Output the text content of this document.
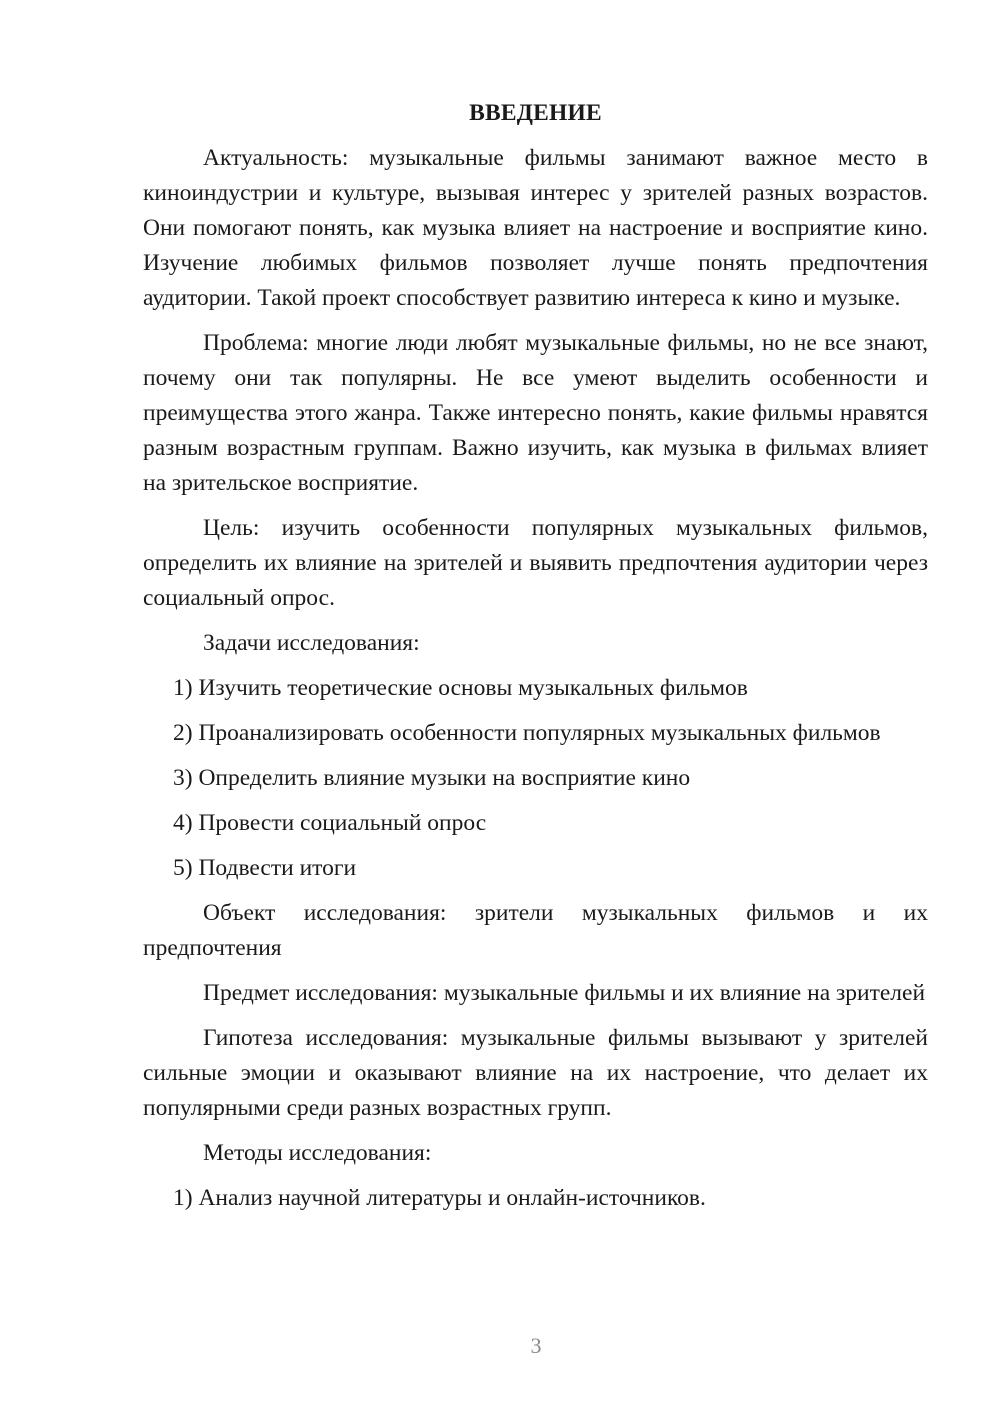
ВВЕДЕНИЕ
Актуальность: музыкальные фильмы занимают важное место в киноиндустрии и культуре, вызывая интерес у зрителей разных возрастов. Они помогают понять, как музыка влияет на настроение и восприятие кино. Изучение любимых фильмов позволяет лучше понять предпочтения аудитории. Такой проект способствует развитию интереса к кино и музыке.
Проблема: многие люди любят музыкальные фильмы, но не все знают, почему они так популярны. Не все умеют выделить особенности и преимущества этого жанра. Также интересно понять, какие фильмы нравятся разным возрастным группам. Важно изучить, как музыка в фильмах влияет на зрительское восприятие.
Цель: изучить особенности популярных музыкальных фильмов, определить их влияние на зрителей и выявить предпочтения аудитории через социальный опрос.
Задачи исследования:
1) Изучить теоретические основы музыкальных фильмов
2) Проанализировать особенности популярных музыкальных фильмов
3) Определить влияние музыки на восприятие кино
4) Провести социальный опрос
5) Подвести итоги
Объект исследования: зрители музыкальных фильмов и их предпочтения
Предмет исследования: музыкальные фильмы и их влияние на зрителей
Гипотеза исследования: музыкальные фильмы вызывают у зрителей сильные эмоции и оказывают влияние на их настроение, что делает их популярными среди разных возрастных групп.
Методы исследования:
1) Анализ научной литературы и онлайн-источников.
3
